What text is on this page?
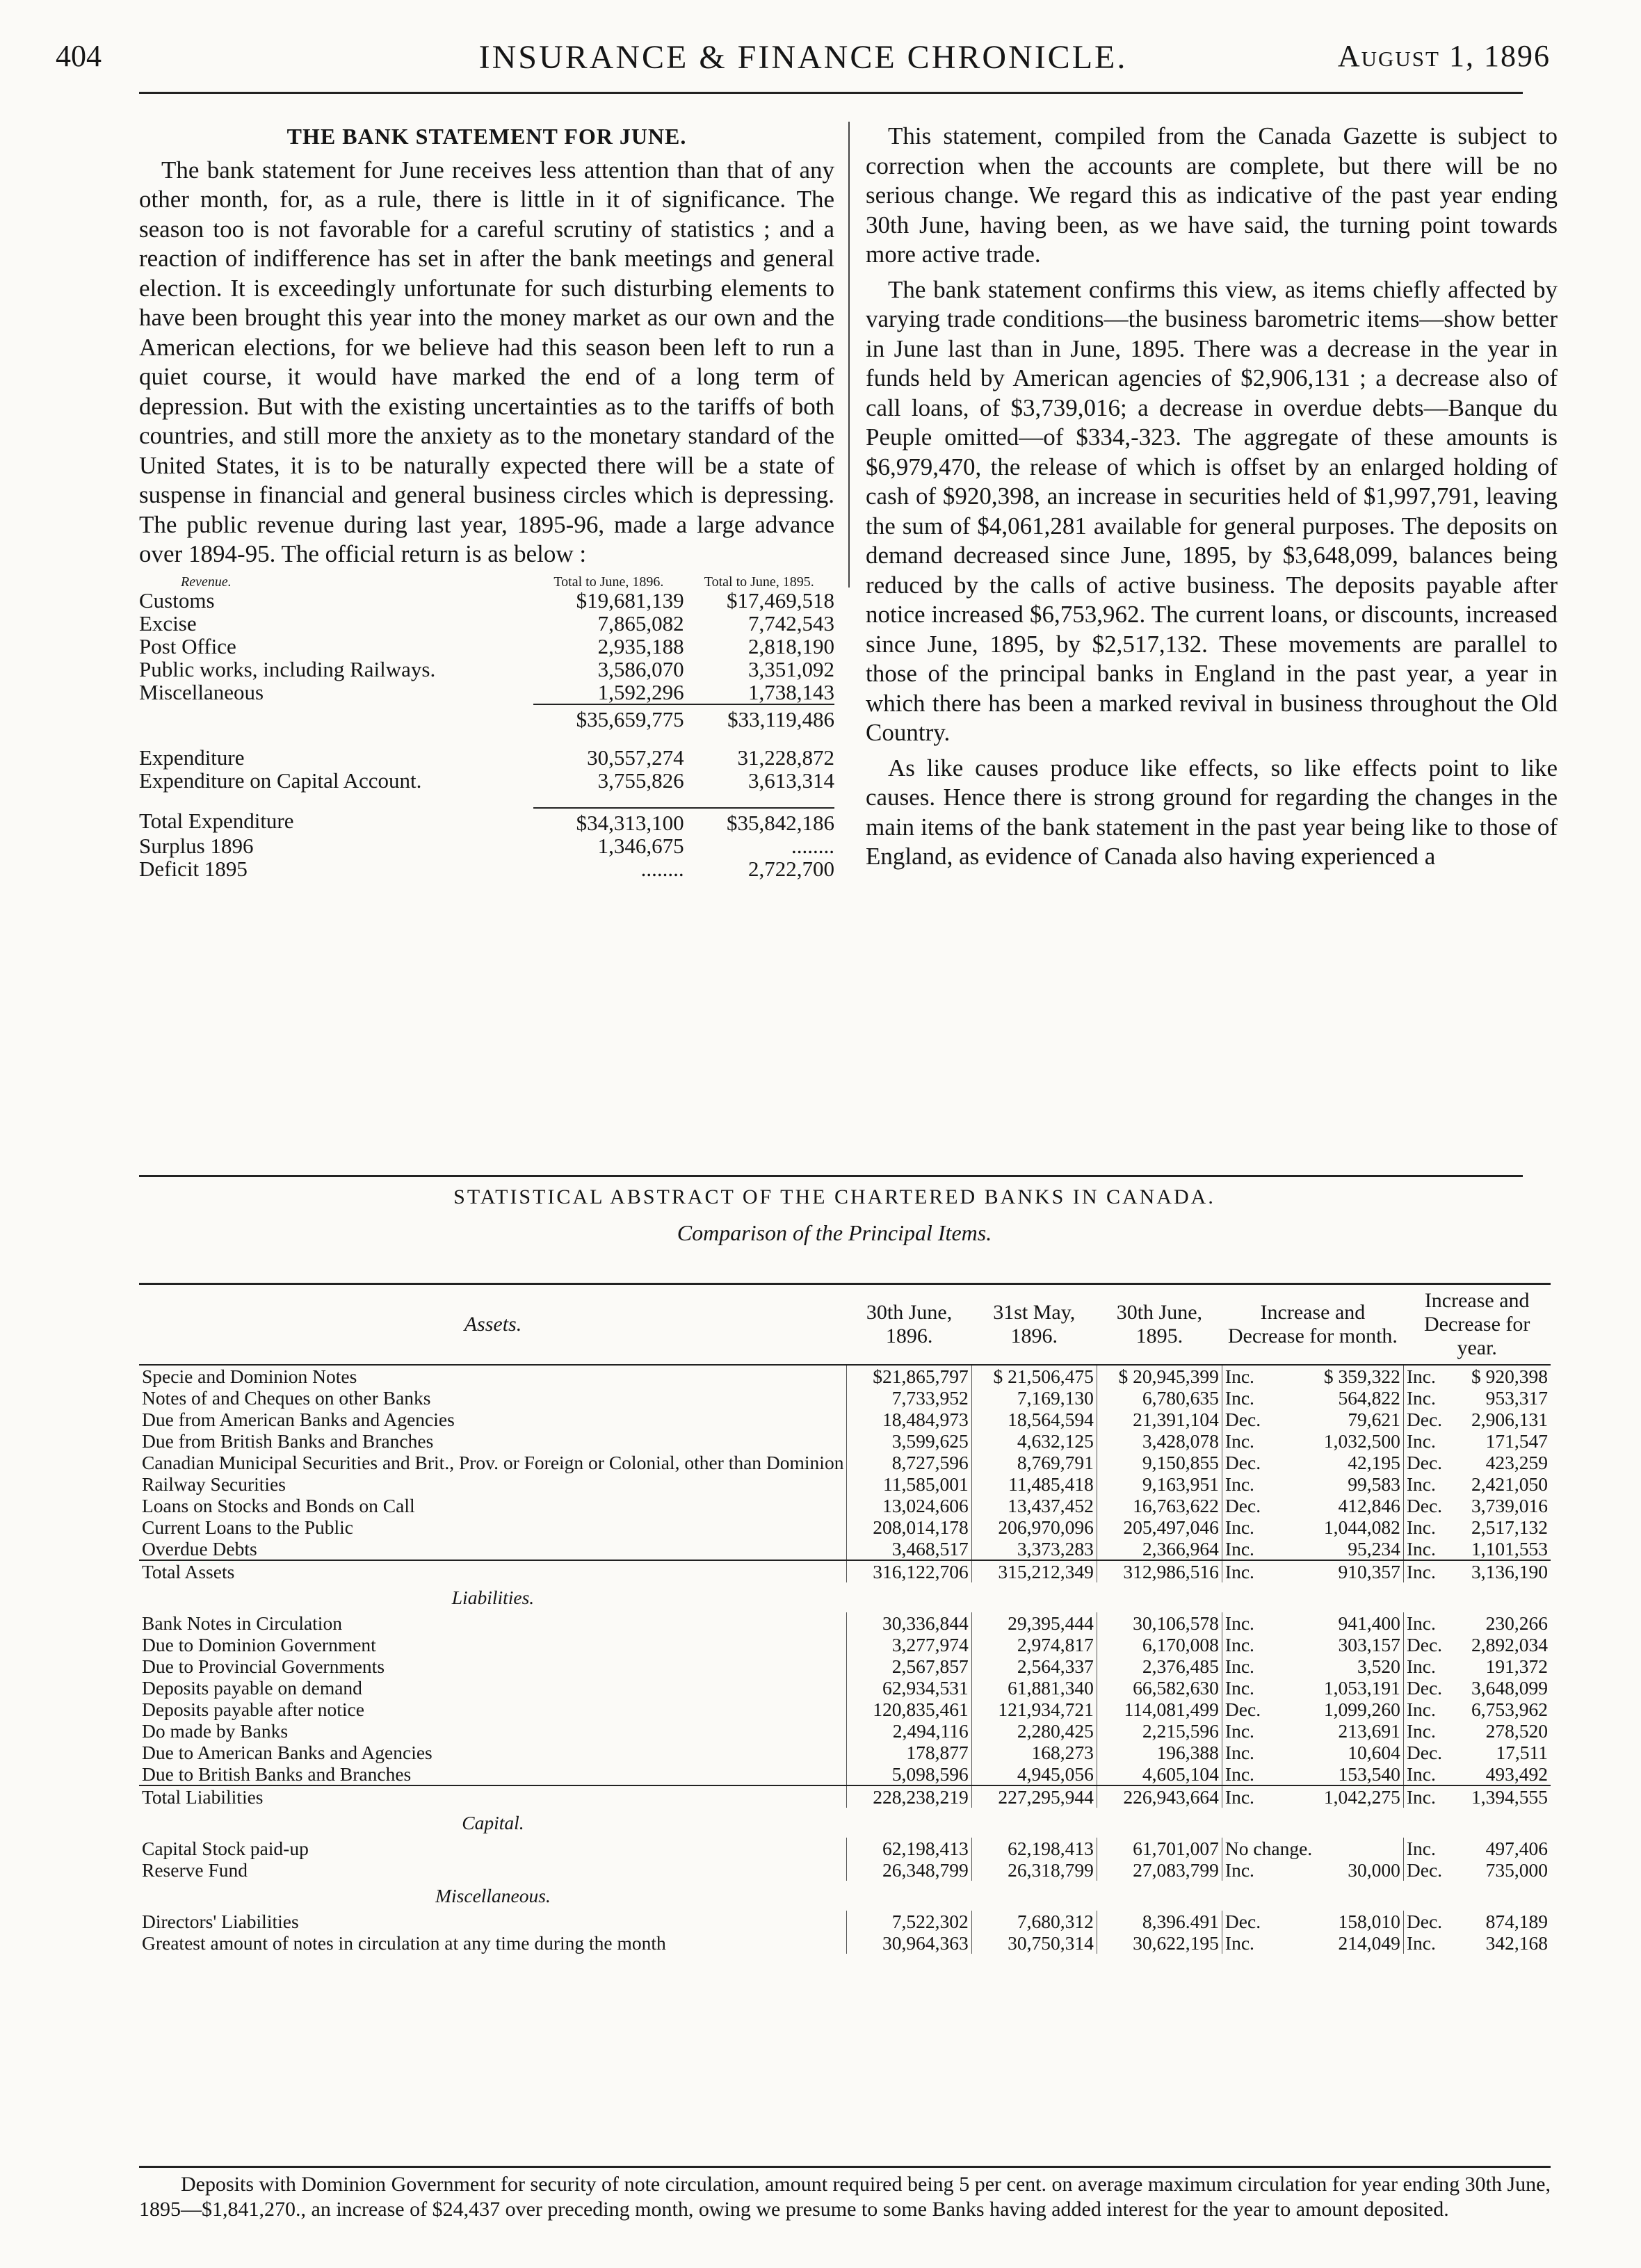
404	INSURANCE & FINANCE CHRONICLE.	August 1, 1896

THE BANK STATEMENT FOR JUNE.

The bank statement for June receives less attention than that of any other month, for, as a rule, there is little in it of significance. The season too is not favorable for a careful scrutiny of statistics ; and a reaction of indifference has set in after the bank meetings and general election. It is exceedingly unfortunate for such disturbing elements to have been brought this year into the money market as our own and the American elections, for we believe had this season been left to run a quiet course, it would have marked the end of a long term of depression. But with the existing uncertainties as to the tariffs of both countries, and still more the anxiety as to the monetary standard of the United States, it is to be naturally expected there will be a state of suspense in financial and general business circles which is depressing. The public revenue during last year, 1895-96, made a large advance over 1894-95. The official return is as below :

Revenue.	Total to June, 1896.	Total to June, 1895.
Customs	$19,681,139	$17,469,518
Excise	7,865,082	7,742,543
Post Office	2,935,188	2,818,190
Public works, including Railways.	3,586,070	3,351,092
Miscellaneous	1,592,296	1,738,143
	$35,659,775	$33,119,486

Expenditure	30,557,274	31,228,872
Expenditure on Capital Account.	3,755,826	3,613,314

Total Expenditure	$34,313,100	$35,842,186
Surplus 1896	1,346,675	........
Deficit 1895	........	2,722,700

This statement, compiled from the Canada Gazette is subject to correction when the accounts are complete, but there will be no serious change. We regard this as indicative of the past year ending 30th June, having been, as we have said, the turning point towards more active trade.

The bank statement confirms this view, as items chiefly affected by varying trade conditions—the business barometric items—show better in June last than in June, 1895. There was a decrease in the year in funds held by American agencies of $2,906,131 ; a decrease also of call loans, of $3,739,016; a decrease in overdue debts—Banque du Peuple omitted—of $334,-323. The aggregate of these amounts is $6,979,470, the release of which is offset by an enlarged holding of cash of $920,398, an increase in securities held of $1,997,791, leaving the sum of $4,061,281 available for general purposes. The deposits on demand decreased since June, 1895, by $3,648,099, balances being reduced by the calls of active business. The deposits payable after notice increased $6,753,962. The current loans, or discounts, increased since June, 1895, by $2,517,132. These movements are parallel to those of the principal banks in England in the past year, a year in which there has been a marked revival in business throughout the Old Country.

As like causes produce like effects, so like effects point to like causes. Hence there is strong ground for regarding the changes in the main items of the bank statement in the past year being like to those of England, as evidence of Canada also having experienced a

STATISTICAL ABSTRACT OF THE CHARTERED BANKS IN CANADA.
Comparison of the Principal Items.
Assets.	30th June, 1896.	31st May, 1896.	30th June, 1895.	Increase and Decrease for month.		Increase and Decrease for year.	
Specie and Dominion Notes	$21,865,797	$ 21,506,475	$ 20,945,399	Inc.	$ 359,322	Inc.	$ 920,398
Notes of and Cheques on other Banks	7,733,952	7,169,130	6,780,635	Inc.	564,822	Inc.	953,317
Due from American Banks and Agencies	18,484,973	18,564,594	21,391,104	Dec.	79,621	Dec.	2,906,131
Due from British Banks and Branches	3,599,625	4,632,125	3,428,078	Inc.	1,032,500	Inc.	171,547
Canadian Municipal Securities and Brit., Prov. or Foreign or Colonial, other than Dominion	8,727,596	8,769,791	9,150,855	Dec.	42,195	Dec.	423,259
Railway Securities	11,585,001	11,485,418	9,163,951	Inc.	99,583	Inc.	2,421,050
Loans on Stocks and Bonds on Call	13,024,606	13,437,452	16,763,622	Dec.	412,846	Dec.	3,739,016
Current Loans to the Public	208,014,178	206,970,096	205,497,046	Inc.	1,044,082	Inc.	2,517,132
Overdue Debts	3,468,517	3,373,283	2,366,964	Inc.	95,234	Inc.	1,101,553
Total Assets	316,122,706	315,212,349	312,986,516	Inc.	910,357	Inc.	3,136,190
Liabilities.							
Bank Notes in Circulation	30,336,844	29,395,444	30,106,578	Inc.	941,400	Inc.	230,266
Due to Dominion Government	3,277,974	2,974,817	6,170,008	Inc.	303,157	Dec.	2,892,034
Due to Provincial Governments	2,567,857	2,564,337	2,376,485	Inc.	3,520	Inc.	191,372
Deposits payable on demand	62,934,531	61,881,340	66,582,630	Inc.	1,053,191	Dec.	3,648,099
Deposits payable after notice	120,835,461	121,934,721	114,081,499	Dec.	1,099,260	Inc.	6,753,962
Do made by Banks	2,494,116	2,280,425	2,215,596	Inc.	213,691	Inc.	278,520
Due to American Banks and Agencies	178,877	168,273	196,388	Inc.	10,604	Dec.	17,511
Due to British Banks and Branches	5,098,596	4,945,056	4,605,104	Inc.	153,540	Inc.	493,492
Total Liabilities	228,238,219	227,295,944	226,943,664	Inc.	1,042,275	Inc.	1,394,555
Capital.							
Capital Stock paid-up	62,198,413	62,198,413	61,701,007	No change.		Inc.	497,406
Reserve Fund	26,348,799	26,318,799	27,083,799	Inc.	30,000	Dec.	735,000
Miscellaneous.							
Directors' Liabilities	7,522,302	7,680,312	8,396.491	Dec.	158,010	Dec.	874,189
Greatest amount of notes in circulation at any time during the month	30,964,363	30,750,314	30,622,195	Inc.	214,049	Inc.	342,168
Deposits with Dominion Government for security of note circulation, amount required being 5 per cent. on average maximum circulation for year ending 30th June, 1895—$1,841,270., an increase of $24,437 over preceding month, owing we presume to some Banks having added interest for the year to amount deposited.
